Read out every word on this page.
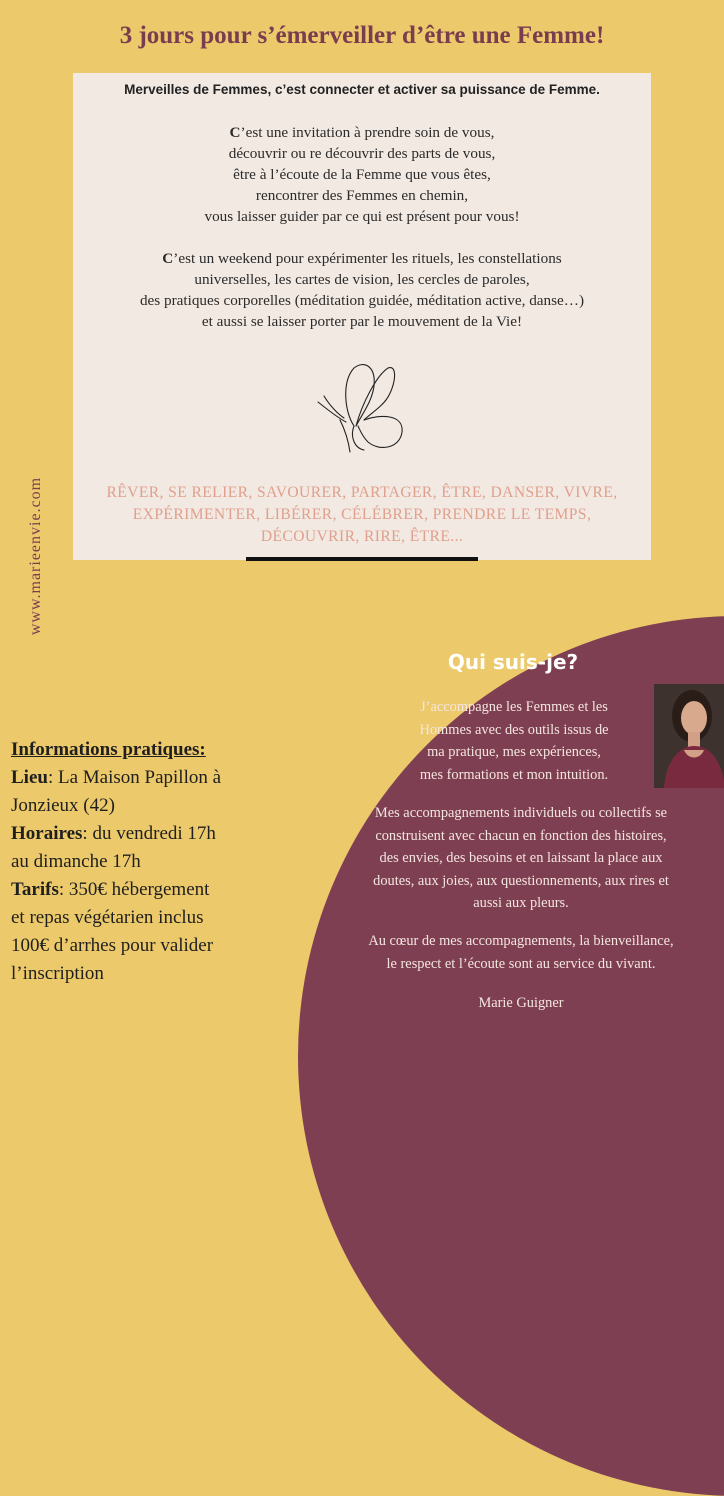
3 jours pour s’émerveiller d’être une Femme!

Merveilles de Femmes, c’est connecter et activer sa puissance de Femme.

C’est une invitation à prendre soin de vous,
découvrir ou re découvrir des parts de vous,
être à l’écoute de la Femme que vous êtes,
rencontrer des Femmes en chemin,
vous laisser guider par ce qui est présent pour vous!
C’est un weekend pour expérimenter les rituels, les constellations
universelles, les cartes de vision, les cercles de paroles,
des pratiques corporelles (méditation guidée, méditation active, danse…)
et aussi se laisser porter par le mouvement de la Vie!
RÊVER, SE RELIER, SAVOURER, PARTAGER, ÊTRE, DANSER, VIVRE,
EXPÉRIMENTER, LIBÉRER, CÉLÉBRER, PRENDRE LE TEMPS,
DÉCOUVRIR, RIRE, ÊTRE...
www.marieenvie.com
Qui suis-je?
J’accompagne les Femmes et les
Hommes avec des outils issus de
ma pratique, mes expériences,
mes formations et mon intuition.
Mes accompagnements individuels ou collectifs se
construisent avec chacun en fonction des histoires,
des envies, des besoins et en laissant la place aux
doutes, aux joies, aux questionnements, aux rires et
aussi aux pleurs.
Au cœur de mes accompagnements, la bienveillance,
le respect et l’écoute sont au service du vivant.
Marie Guigner
Informations pratiques:
Lieu: La Maison Papillon à
Jonzieux (42)
Horaires: du vendredi 17h
au dimanche 17h
Tarifs: 350€ hébergement
et repas végétarien inclus
100€ d’arrhes pour valider
l’inscription
